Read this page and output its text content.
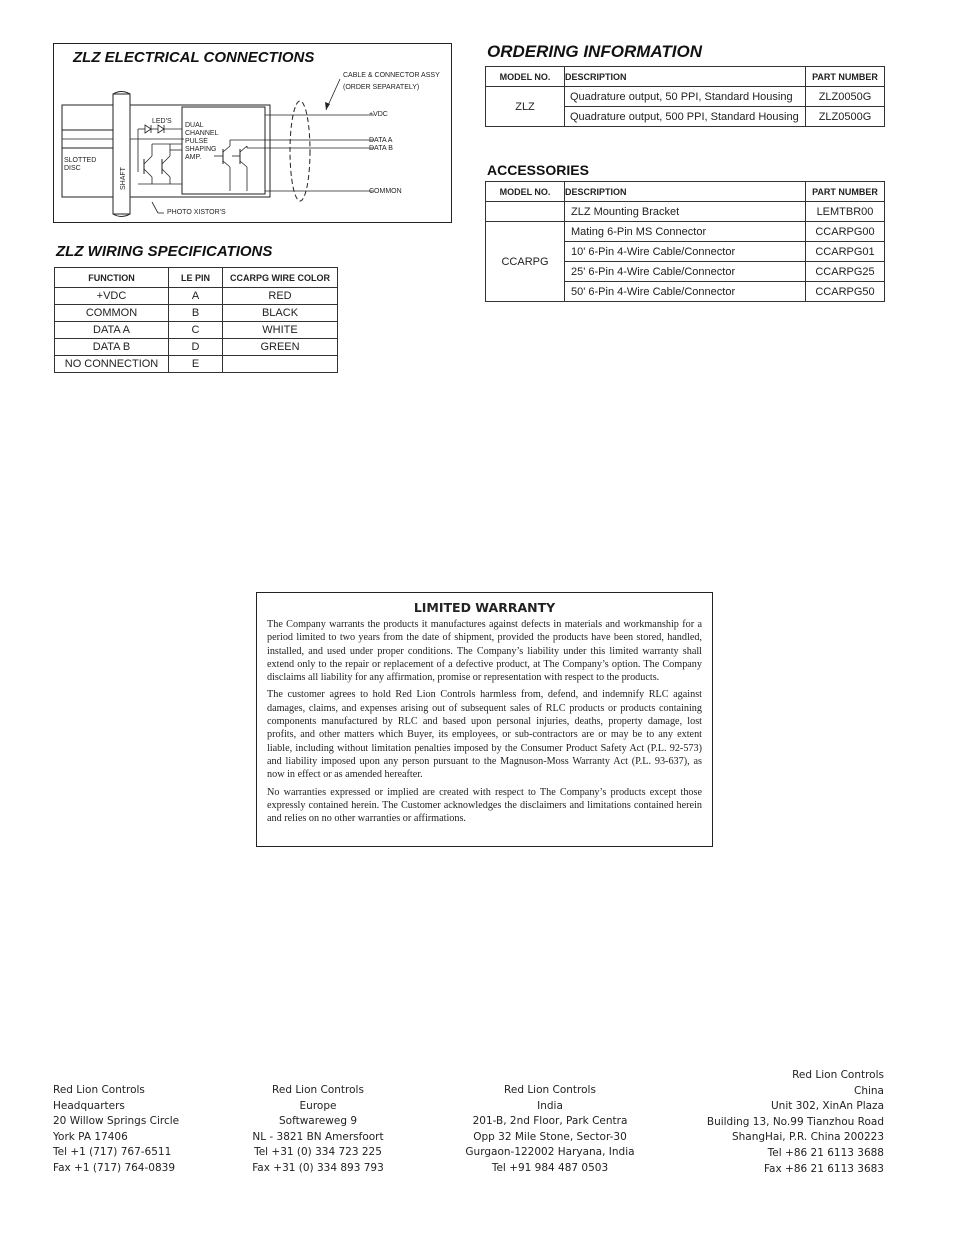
ZLZ ELECTRICAL CONNECTIONS
CABLE & CONNECTOR ASSY
(ORDER SEPARATELY)
+VDC
DATA A
DATA B
COMMON
LED'S
DUAL
CHANNEL
PULSE
SHAPING
AMP.
SLOTTED
DISC	SHAFT
PHOTO XISTOR'S
ZLZ WIRING SPECIFICATIONS
FUNCTION	LE PIN	CCARPG WIRE COLOR
+VDC	A	RED
COMMON	B	BLACK
DATA A	C	WHITE
DATA B	D	GREEN
NO CONNECTION	E	
ORDERING INFORMATION
MODEL NO.	DESCRIPTION	PART NUMBER
ZLZ	Quadrature output, 50 PPI, Standard Housing	ZLZ0050G
	Quadrature output, 500 PPI, Standard Housing	ZLZ0500G
ACCESSORIES
MODEL NO.	DESCRIPTION	PART NUMBER
	ZLZ Mounting Bracket	LEMTBR00
CCARPG	Mating 6-Pin MS Connector	CCARPG00
	10' 6-Pin 4-Wire Cable/Connector	CCARPG01
	25' 6-Pin 4-Wire Cable/Connector	CCARPG25
	50' 6-Pin 4-Wire Cable/Connector	CCARPG50
LIMITED WARRANTY

The Company warrants the products it manufactures against defects in materials and workmanship for a period limited to two years from the date of shipment, provided the products have been stored, handled, installed, and used under proper conditions. The Company’s liability under this limited warranty shall extend only to the repair or replacement of a defective product, at The Company’s option. The Company disclaims all liability for any affirmation, promise or representation with respect to the products.

The customer agrees to hold Red Lion Controls harmless from, defend, and indemnify RLC against damages, claims, and expenses arising out of subsequent sales of RLC products or products containing components manufactured by RLC and based upon personal injuries, deaths, property damage, lost profits, and other matters which Buyer, its employees, or sub-contractors are or may be to any extent liable, including without limitation penalties imposed by the Consumer Product Safety Act (P.L. 92-573) and liability imposed upon any person pursuant to the Magnuson-Moss Warranty Act (P.L. 93-637), as now in effect or as amended hereafter.

No warranties expressed or implied are created with respect to The Company’s products except those expressly contained herein. The Customer acknowledges the disclaimers and limitations contained herein and relies on no other warranties or affirmations.

Red Lion Controls
Headquarters
20 Willow Springs Circle
York PA 17406
Tel +1 (717) 767-6511
Fax +1 (717) 764-0839
Red Lion Controls
Europe
Softwareweg 9
NL - 3821 BN Amersfoort
Tel +31 (0) 334 723 225
Fax +31 (0) 334 893 793
Red Lion Controls
India
201-B, 2nd Floor, Park Centra
Opp 32 Mile Stone, Sector-30
Gurgaon-122002 Haryana, India
Tel +91 984 487 0503
Red Lion Controls
China
Unit 302, XinAn Plaza
Building 13, No.99 Tianzhou Road
ShangHai, P.R. China 200223
Tel +86 21 6113 3688
Fax +86 21 6113 3683
